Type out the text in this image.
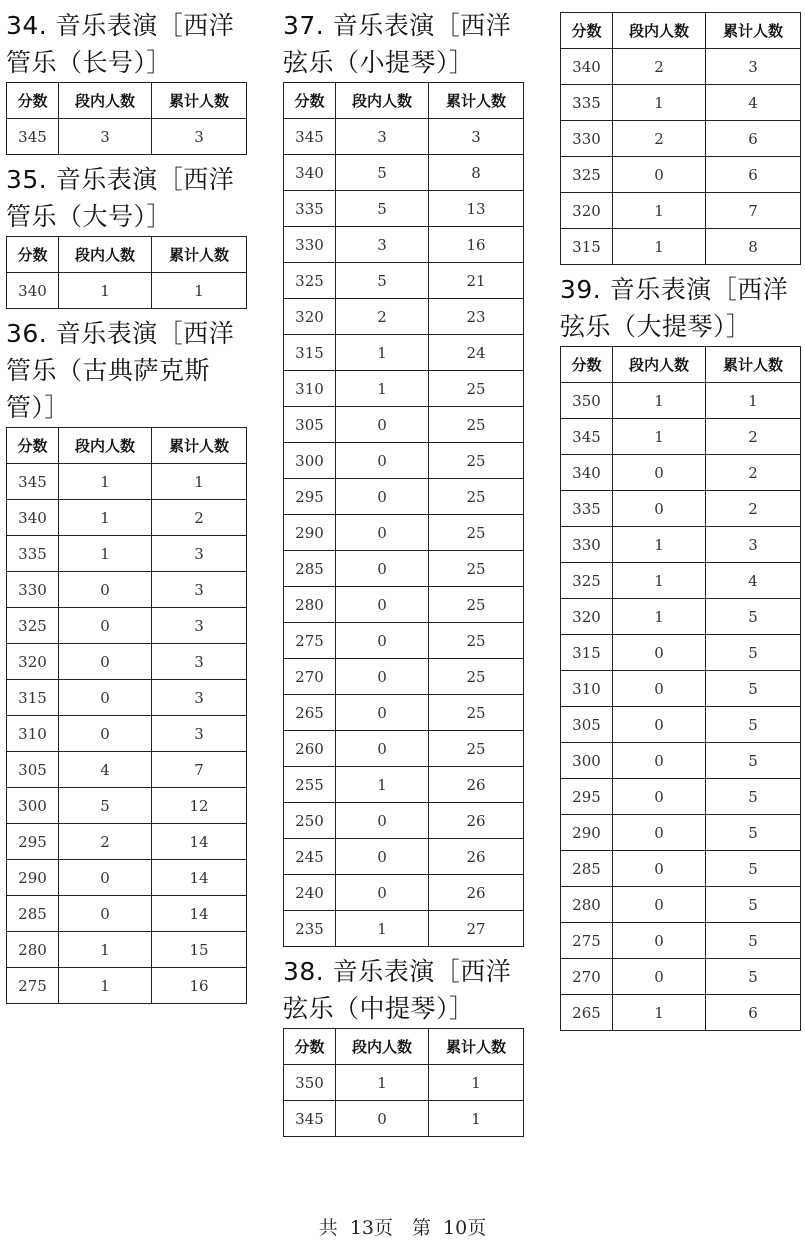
34. 音乐表演［西洋管乐（长号）］
分数	段内人数	累计人数
345	3	3
35. 音乐表演［西洋管乐（大号）］
分数	段内人数	累计人数
340	1	1
36. 音乐表演［西洋管乐（古典萨克斯管）］
分数	段内人数	累计人数
345	1	1
340	1	2
335	1	3
330	0	3
325	0	3
320	0	3
315	0	3
310	0	3
305	4	7
300	5	12
295	2	14
290	0	14
285	0	14
280	1	15
275	1	16
37. 音乐表演［西洋弦乐（小提琴）］
分数	段内人数	累计人数
345	3	3
340	5	8
335	5	13
330	3	16
325	5	21
320	2	23
315	1	24
310	1	25
305	0	25
300	0	25
295	0	25
290	0	25
285	0	25
280	0	25
275	0	25
270	0	25
265	0	25
260	0	25
255	1	26
250	0	26
245	0	26
240	0	26
235	1	27
38. 音乐表演［西洋弦乐（中提琴）］
分数	段内人数	累计人数
350	1	1
345	0	1
分数	段内人数	累计人数
340	2	3
335	1	4
330	2	6
325	0	6
320	1	7
315	1	8
39. 音乐表演［西洋弦乐（大提琴）］
分数	段内人数	累计人数
350	1	1
345	1	2
340	0	2
335	0	2
330	1	3
325	1	4
320	1	5
315	0	5
310	0	5
305	0	5
300	0	5
295	0	5
290	0	5
285	0	5
280	0	5
275	0	5
270	0	5
265	1	6
共 13页　第 10页
